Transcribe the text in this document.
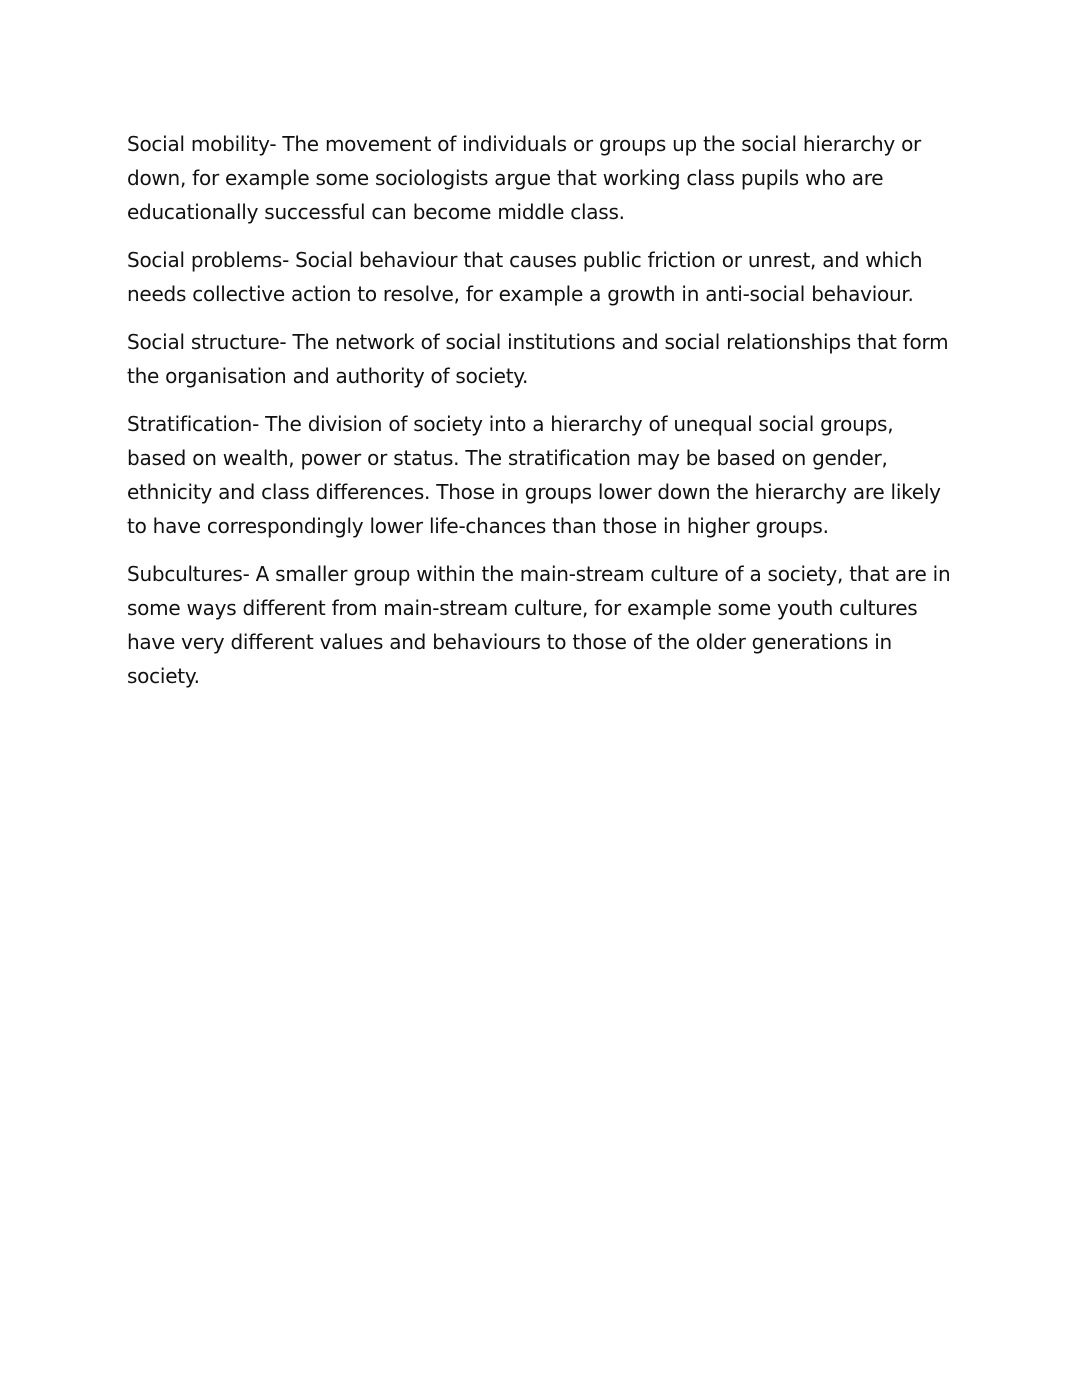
Social mobility- The movement of individuals or groups up the social hierarchy or down, for example some sociologists argue that working class pupils who are educationally successful can become middle class.

Social problems- Social behaviour that causes public friction or unrest, and which needs collective action to resolve, for example a growth in anti-social behaviour.

Social structure- The network of social institutions and social relationships that form the organisation and authority of society.

Stratification- The division of society into a hierarchy of unequal social groups, based on wealth, power or status. The stratification may be based on gender, ethnicity and class differences. Those in groups lower down the hierarchy are likely to have correspondingly lower life-chances than those in higher groups.

Subcultures- A smaller group within the main-stream culture of a society, that are in some ways different from main-stream culture, for example some youth cultures have very different values and behaviours to those of the older generations in society.
